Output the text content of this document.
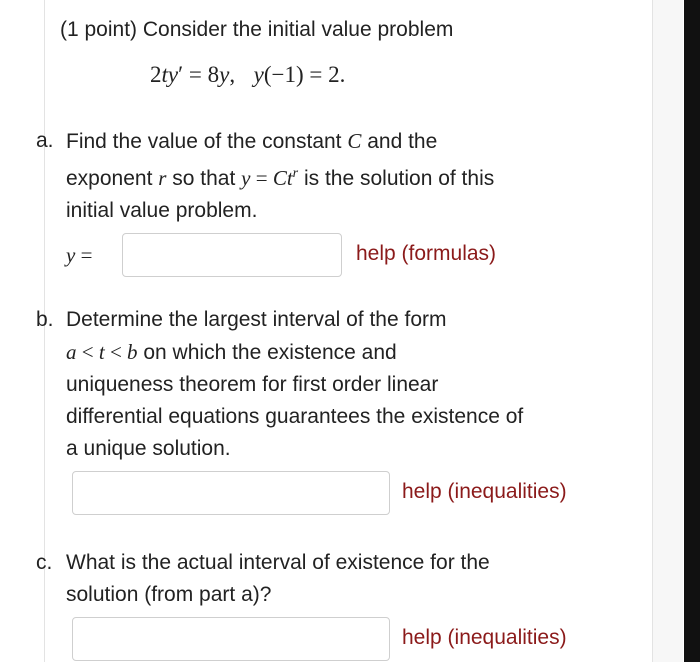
(1 point) Consider the initial value problem

2ty′ = 8y,   y(−1) = 2.
a. Find the value of the constant C and the
exponent r so that $y = Ct^r$ is the solution of this
initial value problem.
y =	help (formulas)
b. Determine the largest interval of the form
a < t < b on which the existence and
uniqueness theorem for first order linear
differential equations guarantees the existence of
a unique solution.
help (inequalities)
c. What is the actual interval of existence for the
solution (from part a)?
help (inequalities)
